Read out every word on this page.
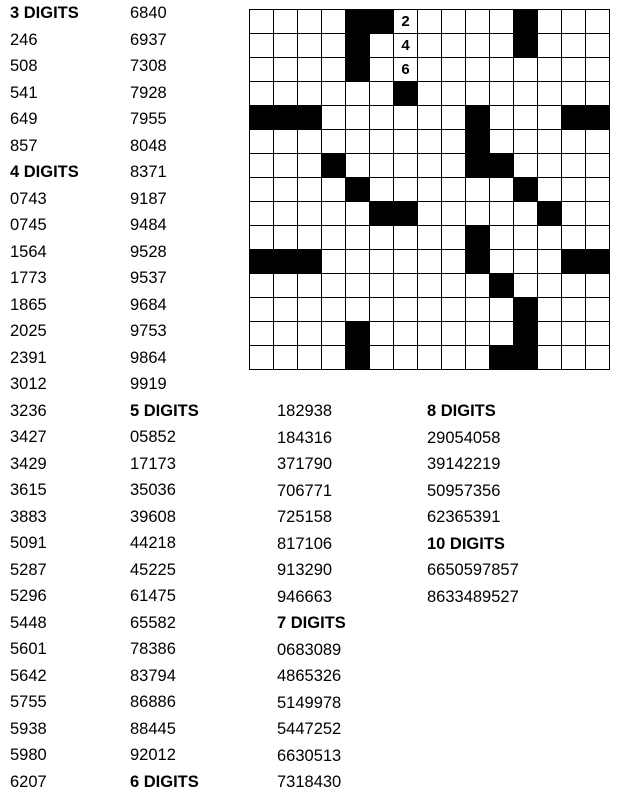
3 DIGITS
246
508
541
649
857
4 DIGITS
0743
0745
1564
1773
1865
2025
2391
3012
3236
3427
3429
3615
3883
5091
5287
5296
5448
5601
5642
5755
5938
5980
6207
6840
6937
7308
7928
7955
8048
8371
9187
9484
9528
9537
9684
9753
9864
9919
5 DIGITS
05852
17173
35036
39608
44218
45225
61475
65582
78386
83794
86886
88445
92012
6 DIGITS
182938
184316
371790
706771
725158
817106
913290
946663
7 DIGITS
0683089
4865326
5149978
5447252
6630513
7318430
8 DIGITS
29054058
39142219
50957356
62365391
10 DIGITS
6650597857
8633489527
2
4
6
